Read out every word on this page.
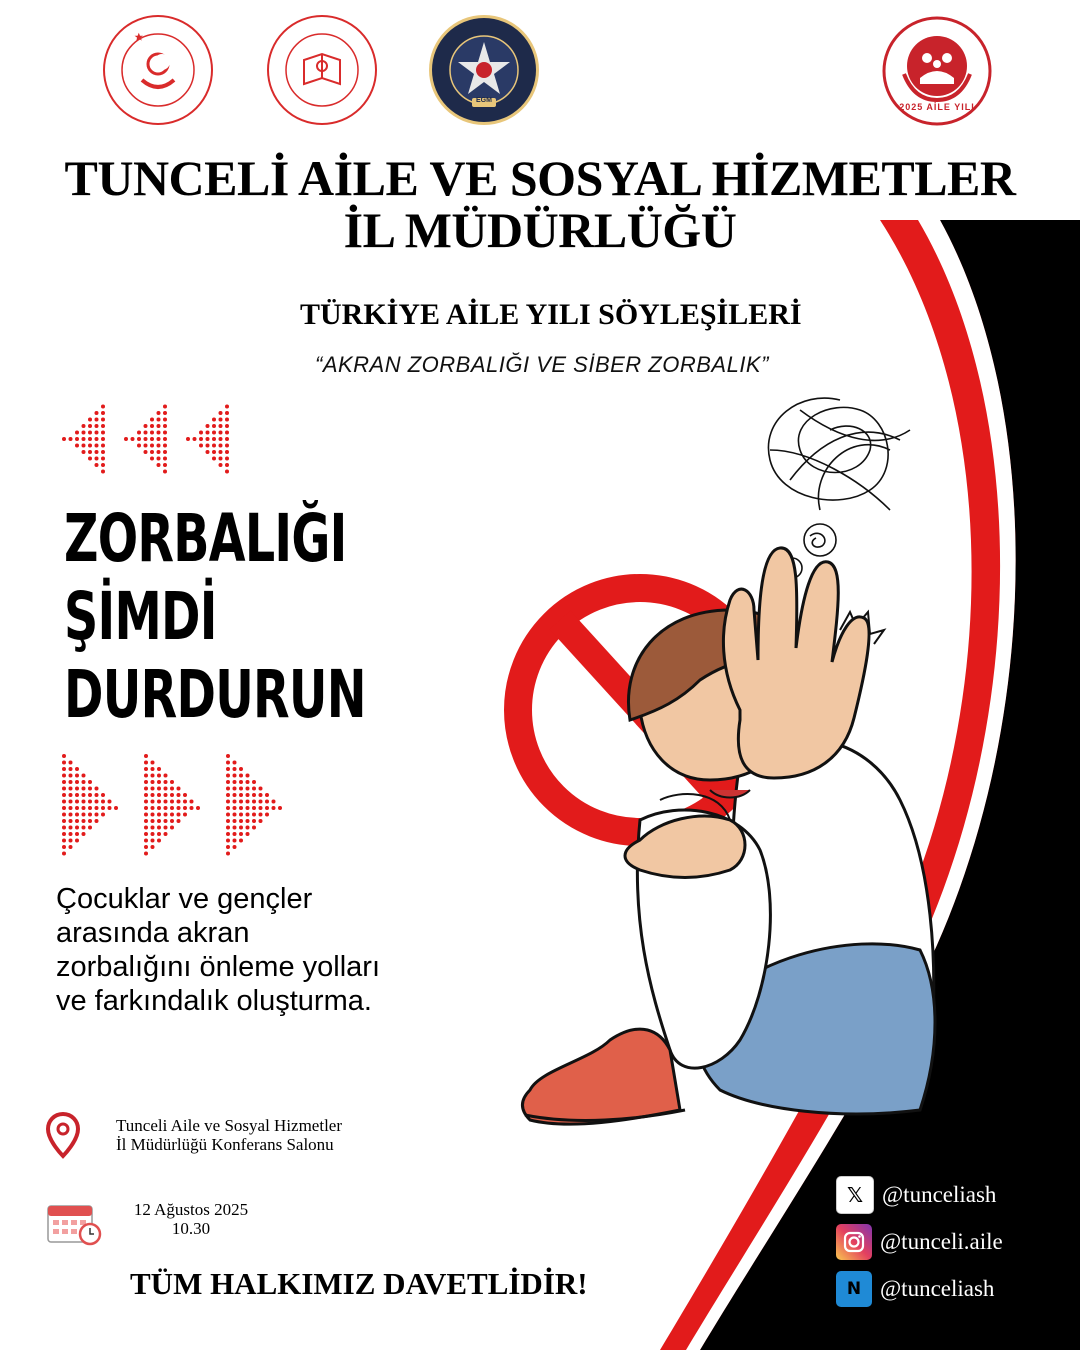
EGM
2025 AİLE YILI
TUNCELİ AİLE VE SOSYAL HİZMETLER
İL MÜDÜRLÜĞÜ
TÜRKİYE AİLE YILI SÖYLEŞİLERİ
“AKRAN ZORBALIĞI VE SİBER ZORBALIK”
ZORBALIĞI
ŞİMDİ
DURDURUN
Çocuklar ve gençler arasında akran zorbalığını önleme yolları ve farkındalık oluşturma.
Tunceli Aile ve Sosyal Hizmetler
İl Müdürlüğü Konferans Salonu
12 Ağustos 2025
10.30
TÜM HALKIMIZ DAVETLİDİR!
𝕏 @tunceliash
@tunceli.aile
N @tunceliash
